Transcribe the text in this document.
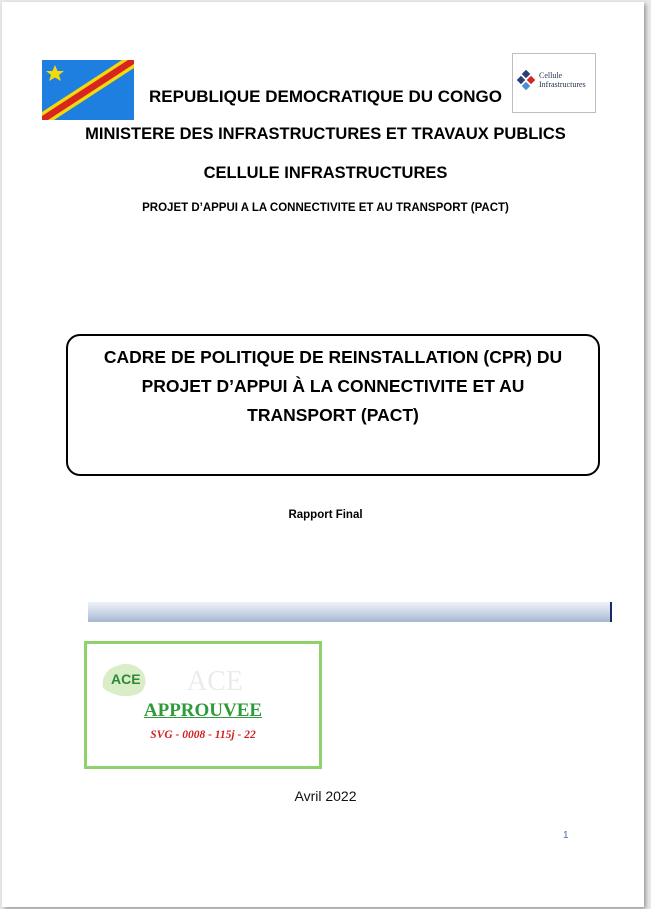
Cellule
Infrastructures
REPUBLIQUE DEMOCRATIQUE DU CONGO
MINISTERE DES INFRASTRUCTURES ET TRAVAUX PUBLICS
CELLULE INFRASTRUCTURES
PROJET D’APPUI A LA CONNECTIVITE ET AU TRANSPORT (PACT)
CADRE DE POLITIQUE DE REINSTALLATION (CPR) DU
PROJET D’APPUI À LA CONNECTIVITE ET AU
TRANSPORT (PACT)
Rapport Final
ACE ACE
APPROUVEE
SVG - 0008 - 115j - 22
Avril 2022
1
